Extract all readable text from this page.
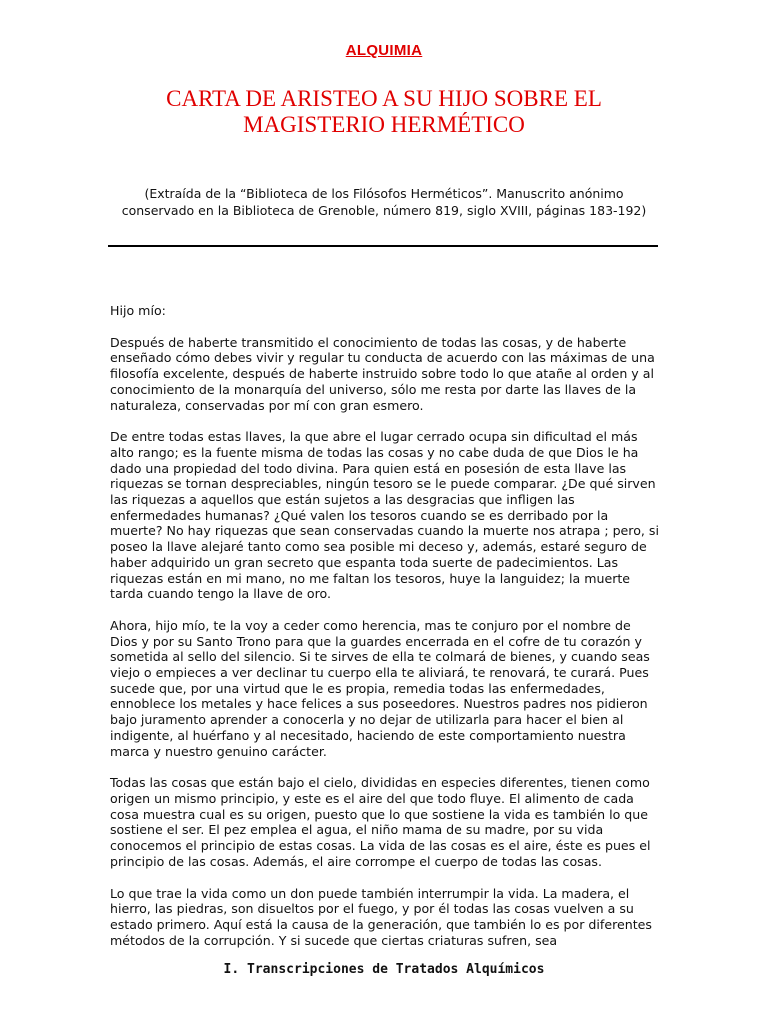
ALQUIMIA
CARTA DE ARISTEO A SU HIJO SOBRE EL MAGISTERIO HERMÉTICO

(Extraída de la “Biblioteca de los Filósofos Herméticos”. Manuscrito anónimo conservado en la Biblioteca de Grenoble, número 819, siglo XVIII, páginas 183-192)

Hijo mío:

Después de haberte transmitido el conocimiento de todas las cosas, y de haberte enseñado cómo debes vivir y regular tu conducta de acuerdo con las máximas de una filosofía excelente, después de haberte instruido sobre todo lo que atañe al orden y al conocimiento de la monarquía del universo, sólo me resta por darte las llaves de la naturaleza, conservadas por mí con gran esmero.

De entre todas estas llaves, la que abre el lugar cerrado ocupa sin dificultad el más alto rango; es la fuente misma de todas las cosas y no cabe duda de que Dios le ha dado una propiedad del todo divina. Para quien está en posesión de esta llave las riquezas se tornan despreciables, ningún tesoro se le puede comparar. ¿De qué sirven las riquezas a aquellos que están sujetos a las desgracias que infligen las enfermedades humanas? ¿Qué valen los tesoros cuando se es derribado por la muerte? No hay riquezas que sean conservadas cuando la muerte nos atrapa ; pero, si poseo la llave alejaré tanto como sea posible mi deceso y, además, estaré seguro de haber adquirido un gran secreto que espanta toda suerte de padecimientos. Las riquezas están en mi mano, no me faltan los tesoros, huye la languidez; la muerte tarda cuando tengo la llave de oro.

Ahora, hijo mío, te la voy a ceder como herencia, mas te conjuro por el nombre de Dios y por su Santo Trono para que la guardes encerrada en el cofre de tu corazón y sometida al sello del silencio. Si te sirves de ella te colmará de bienes, y cuando seas viejo o empieces a ver declinar tu cuerpo ella te aliviará, te renovará, te curará. Pues sucede que, por una virtud que le es propia, remedia todas las enfermedades, ennoblece los metales y hace felices a sus poseedores. Nuestros padres nos pidieron bajo juramento aprender a conocerla y no dejar de utilizarla para hacer el bien al indigente, al huérfano y al necesitado, haciendo de este comportamiento nuestra marca y nuestro genuino carácter.

Todas las cosas que están bajo el cielo, divididas en especies diferentes, tienen como origen un mismo principio, y este es el aire del que todo fluye. El alimento de cada cosa muestra cual es su origen, puesto que lo que sostiene la vida es también lo que sostiene el ser. El pez emplea el agua, el niño mama de su madre, por su vida conocemos el principio de estas cosas. La vida de las cosas es el aire, éste es pues el principio de las cosas. Además, el aire corrompe el cuerpo de todas las cosas.

Lo que trae la vida como un don puede también interrumpir la vida. La madera, el hierro, las piedras, son disueltos por el fuego, y por él todas las cosas vuelven a su estado primero. Aquí está la causa de la generación, que también lo es por diferentes métodos de la corrupción. Y si sucede que ciertas criaturas sufren, sea

I. Transcripciones de Tratados Alquímicos
